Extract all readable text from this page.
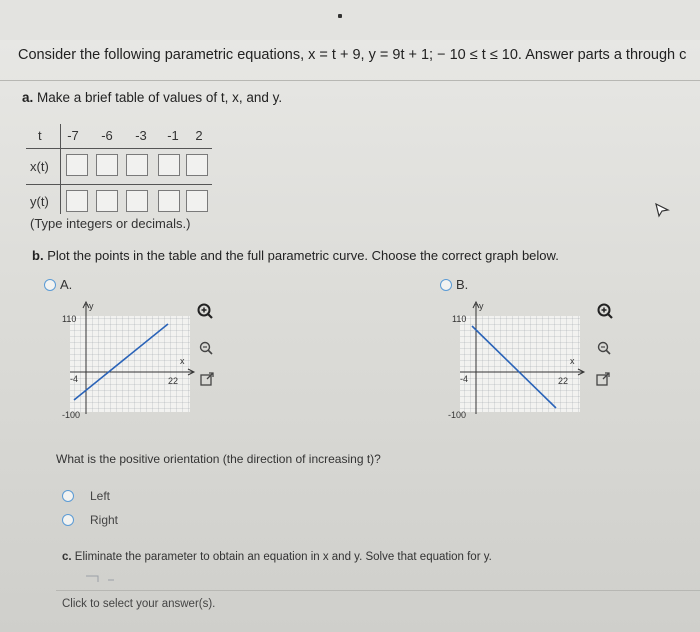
Consider the following parametric equations, x = t + 9, y = 9t + 1; − 10 ≤ t ≤ 10. Answer parts a through c
a. Make a brief table of values of t, x, and y.
t	-7	-6	-3	-1	2
x(t)
y(t)
(Type integers or decimals.)
b. Plot the points in the table and the full parametric curve. Choose the correct graph below.
A.
y
x
110
-100
-4	22
B.
y
x
110
-100
-4	22
What is the positive orientation (the direction of increasing t)?
Left
Right
c. Eliminate the parameter to obtain an equation in x and y. Solve that equation for y.
Click to select your answer(s).
